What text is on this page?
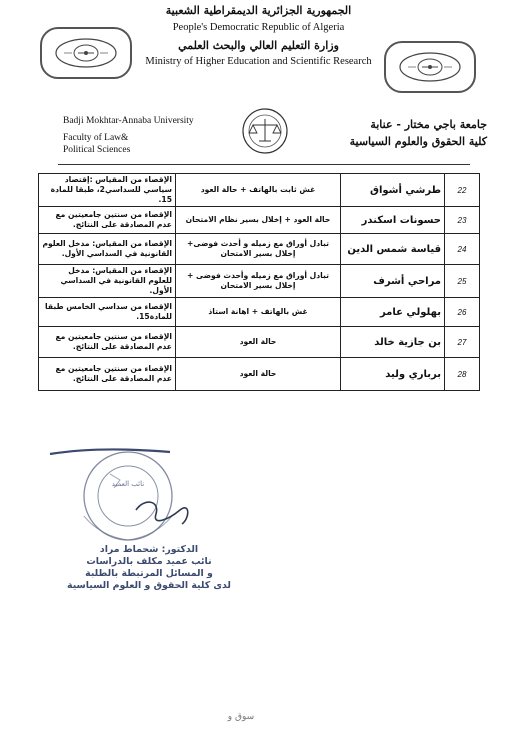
الجمهورية الجزائرية الديمقراطية الشعبية
People's Democratic Republic of Algeria
وزارة التعليم العالي والبحث العلمي
Ministry of Higher Education and Scientific Research
Badji Mokhtar-Annaba University
Faculty of Law&
Political Sciences
جامعة باجي مختار - عنابة
كلية الحقوق والعلوم السياسية
22	طرشي أشواق	غش ثابت بالهاتف + حالة العود	الإقصاء من المقياس :إقتصاد سياسي للسداسي2، طبقا للمادة 15.
23	حسونات اسكندر	حالة العود + إخلال بسير نظام الامتحان	الإقصاء من سنتين جامعيتين مع عدم المصادقة على النتائج.
24	قياسة شمس الدين	تبادل أوراق مع زميله و أحدث فوضى+ إخلال بسير الامتحان	الإقصاء من المقياس: مدخل العلوم القانونية في السداسي الأول.
25	مراحي أشرف	تبادل أوراق مع زميله وأحدث فوضى + إخلال بسير الامتحان	الإقصاء من المقياس: مدخل للعلوم القانونية في السداسي الأول.
26	بهلولي عامر	غش بالهاتف + اهانة استاذ	الإقصاء من سداسي الخامس طبقا للمادة15.
27	بن جازية خالد	حالة العود	الإقصاء من سنتين جامعيتين مع عدم المصادقة على النتائج.
28	برباري وليد	حالة العود	الإقصاء من سنتين جامعيتين مع عدم المصادقة على النتائج.
نائب العميد
الدكتور: شحماط مراد
نائب عميد مكلف بالدراسات
و المسائل المرتبطة بالطلبة
لدى كلية الحقوق و العلوم السياسية
سوق و
